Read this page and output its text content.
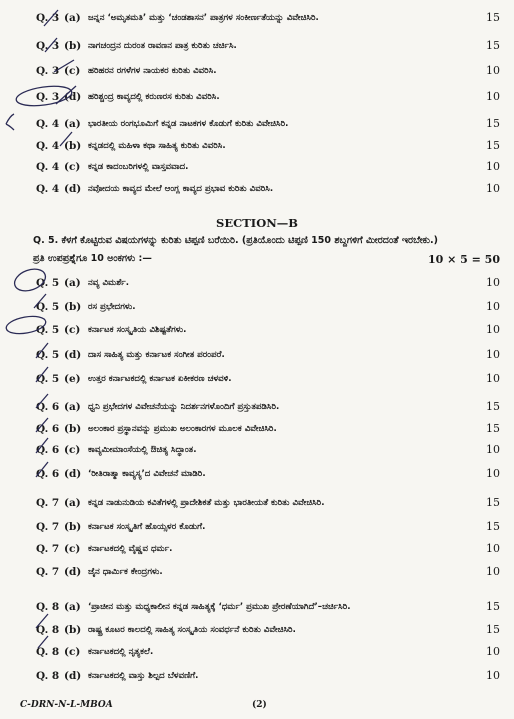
Q. 3 (a) ಜನ್ನನ ‘ಅಮೃತಮತಿ’ ಮತ್ತು ‘ಚಂಡಶಾಸನ’ ಪಾತ್ರಗಳ ಸಂಕೀರ್ಣತೆಯನ್ನು ವಿವೇಚಿಸಿರಿ.	15
Q. 3 (b) ನಾಗಚಂದ್ರನ ದುರಂತ ರಾವಣನ ಪಾತ್ರ ಕುರಿತು ಚರ್ಚಿಸಿ.	15
Q. 3 (c) ಹರಿಹರನ ರಗಳೆಗಳ ನಾಯಕರ ಕುರಿತು ವಿವರಿಸಿ.	10
Q. 3 (d) ಹರಿಶ್ಚಂದ್ರ ಕಾವ್ಯದಲ್ಲಿ ಕರುಣರಸ ಕುರಿತು ವಿವರಿಸಿ.	10
Q. 4 (a) ಭಾರತೀಯ ರಂಗಭೂಮಿಗೆ ಕನ್ನಡ ನಾಟಕಗಳ ಕೊಡುಗೆ ಕುರಿತು ವಿವೇಚಿಸಿರಿ.	15
Q. 4 (b) ಕನ್ನಡದಲ್ಲಿ ಮಹಿಳಾ ಕಥಾ ಸಾಹಿತ್ಯ ಕುರಿತು ವಿವರಿಸಿ.	15
Q. 4 (c) ಕನ್ನಡ ಕಾದಂಬರಿಗಳಲ್ಲಿ ವಾಸ್ತವವಾದ.	10
Q. 4 (d) ನವೋದಯ ಕಾವ್ಯದ ಮೇಲೆ ಆಂಗ್ಲ ಕಾವ್ಯದ ಪ್ರಭಾವ ಕುರಿತು ವಿವರಿಸಿ.	10
SECTION—B
Q. 5. ಕೆಳಗೆ ಕೊಟ್ಟಿರುವ ವಿಷಯಗಳನ್ನು ಕುರಿತು ಟಿಪ್ಪಣಿ ಬರೆಯಿರಿ. (ಪ್ರತಿಯೊಂದು ಟಿಪ್ಪಣಿ 150 ಶಬ್ದಗಳಿಗೆ ಮೀರದಂತೆ ಇರಬೇಕು.)
ಪ್ರತಿ ಉಪಪ್ರಶ್ನೆಗೂ 10 ಅಂಕಗಳು :—	10 × 5 = 50
Q. 5 (a) ನವ್ಯ ವಿಮರ್ಶೆ.	10
Q. 5 (b) ರಸ ಪ್ರಭೇದಗಳು.	10
Q. 5 (c) ಕರ್ನಾಟಕ ಸಂಸ್ಕೃತಿಯ ವಿಶಿಷ್ಟತೆಗಳು.	10
Q. 5 (d) ದಾಸ ಸಾಹಿತ್ಯ ಮತ್ತು ಕರ್ನಾಟಕ ಸಂಗೀತ ಪರಂಪರೆ.	10
Q. 5 (e) ಉತ್ತರ ಕರ್ನಾಟಕದಲ್ಲಿ ಕರ್ನಾಟಕ ಏಕೀಕರಣ ಚಳವಳಿ.	10
Q. 6 (a) ಧ್ವನಿ ಪ್ರಭೇದಗಳ ವಿವೇಚನೆಯನ್ನು ನಿದರ್ಶನಗಳೊಂದಿಗೆ ಪ್ರಸ್ತುತಪಡಿಸಿರಿ.	15
Q. 6 (b) ಅಲಂಕಾರ ಪ್ರಸ್ಥಾನವನ್ನು ಪ್ರಮುಖ ಅಲಂಕಾರಗಳ ಮೂಲಕ ವಿವೇಚಿಸಿರಿ.	15
Q. 6 (c) ಕಾವ್ಯಮೀಮಾಂಸೆಯಲ್ಲಿ ಔಚಿತ್ಯ ಸಿದ್ಧಾಂತ.	10
Q. 6 (d) ‘ರೀತಿರಾತ್ಮಾ ಕಾವ್ಯಸ್ಯ’ದ ವಿವೇಚನೆ ಮಾಡಿರಿ.	10
Q. 7 (a) ಕನ್ನಡ ನಾಡುನುಡಿಯ ಕವಿತೆಗಳಲ್ಲಿ ಪ್ರಾದೇಶಿಕತೆ ಮತ್ತು ಭಾರತೀಯತೆ ಕುರಿತು ವಿವೇಚಿಸಿರಿ.	15
Q. 7 (b) ಕರ್ನಾಟಕ ಸಂಸ್ಕೃತಿಗೆ ಹೊಯ್ಸಳರ ಕೊಡುಗೆ.	15
Q. 7 (c) ಕರ್ನಾಟಕದಲ್ಲಿ ವೈಷ್ಣವ ಧರ್ಮ.	10
Q. 7 (d) ಜೈನ ಧಾರ್ಮಿಕ ಕೇಂದ್ರಗಳು.	10
Q. 8 (a) ‘ಪ್ರಾಚೀನ ಮತ್ತು ಮಧ್ಯಕಾಲೀನ ಕನ್ನಡ ಸಾಹಿತ್ಯಕ್ಕೆ ‘ಧರ್ಮ’ ಪ್ರಮುಖ ಪ್ರೇರಣೆಯಾಗಿದೆ’–ಚರ್ಚಿಸಿರಿ.	15
Q. 8 (b) ರಾಷ್ಟ್ರ ಕೂಟರ ಕಾಲದಲ್ಲಿ ಸಾಹಿತ್ಯ ಸಂಸ್ಕೃತಿಯ ಸಂವರ್ಧನೆ ಕುರಿತು ವಿವೇಚಿಸಿರಿ.	15
Q. 8 (c) ಕರ್ನಾಟಕದಲ್ಲಿ ನೃತ್ಯಕಲೆ.	10
Q. 8 (d) ಕರ್ನಾಟಕದಲ್ಲಿ ವಾಸ್ತು ಶಿಲ್ಪದ ಬೆಳವಣಿಗೆ.	10
C-DRN-N-L-MBOA	(2)
